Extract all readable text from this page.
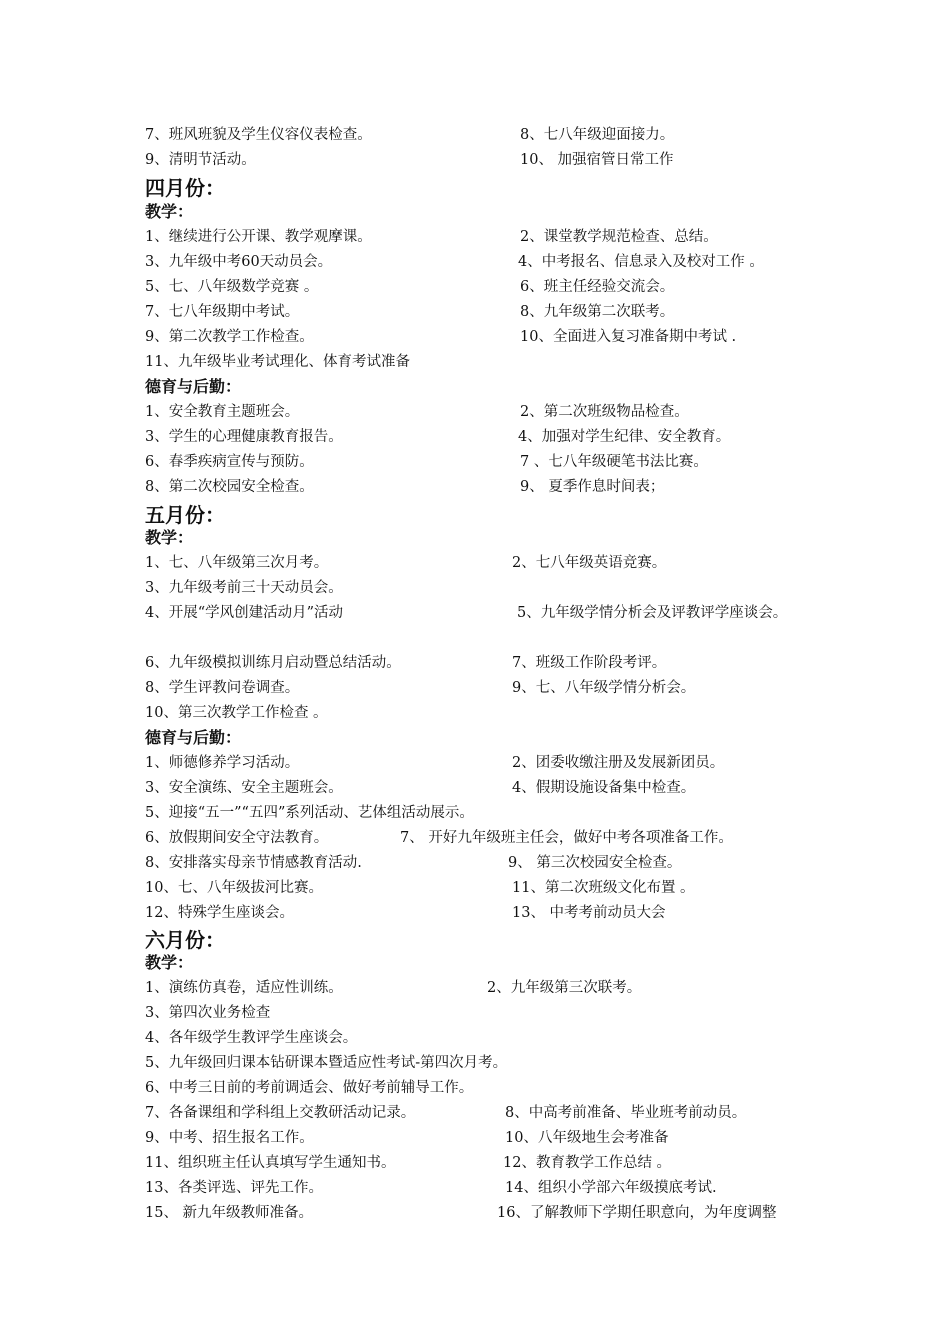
7、班风班貌及学生仪容仪表检查。	8、七八年级迎面接力。
9、清明节活动。	10、 加强宿管日常工作
四月份：
教学：
1、继续进行公开课、教学观摩课。	2、课堂教学规范检查、总结。
3、九年级中考60天动员会。	4、中考报名、信息录入及校对工作 。
5、七、八年级数学竞赛 。	6、班主任经验交流会。
7、七八年级期中考试。	8、九年级第二次联考。
9、第二次教学工作检查。	10、全面进入复习准备期中考试 .
11、九年级毕业考试理化、体育考试准备
德育与后勤：
1、安全教育主题班会。	2、第二次班级物品检查。
3、学生的心理健康教育报告。	4、加强对学生纪律、安全教育。
6、春季疾病宣传与预防。	7 、七八年级硬笔书法比赛。
8、第二次校园安全检查。	9、 夏季作息时间表；
五月份：
教学：
1、七、八年级第三次月考。	2、七八年级英语竞赛。
3、九年级考前三十天动员会。
4、开展“学风创建活动月”活动	5、九年级学情分析会及评教评学座谈会。
6、九年级模拟训练月启动暨总结活动。	7、班级工作阶段考评。
8、学生评教问卷调查。	9、七、八年级学情分析会。
10、第三次教学工作检查 。
德育与后勤：
1、师德修养学习活动。	2、团委收缴注册及发展新团员。
3、安全演练、安全主题班会。	4、假期设施设备集中检查。
5、迎接“五一”“五四”系列活动、艺体组活动展示。
6、放假期间安全守法教育。	7、 开好九年级班主任会，做好中考各项准备工作。
8、安排落实母亲节情感教育活动.	9、 第三次校园安全检查。
10、七、八年级拔河比赛。	11、第二次班级文化布置 。
12、特殊学生座谈会。	13、 中考考前动员大会
六月份：
教学：
1、演练仿真卷，适应性训练。	2、九年级第三次联考。
3、第四次业务检查
4、各年级学生教评学生座谈会。
5、九年级回归课本钻研课本暨适应性考试-第四次月考。
6、中考三日前的考前调适会、做好考前辅导工作。
7、各备课组和学科组上交教研活动记录。	8、中高考前准备、毕业班考前动员。
9、中考、招生报名工作。	10、八年级地生会考准备
11、组织班主任认真填写学生通知书。	12、教育教学工作总结 。
13、各类评选、评先工作。	14、组织小学部六年级摸底考试.
15、 新九年级教师准备。	16、了解教师下学期任职意向，为年度调整
